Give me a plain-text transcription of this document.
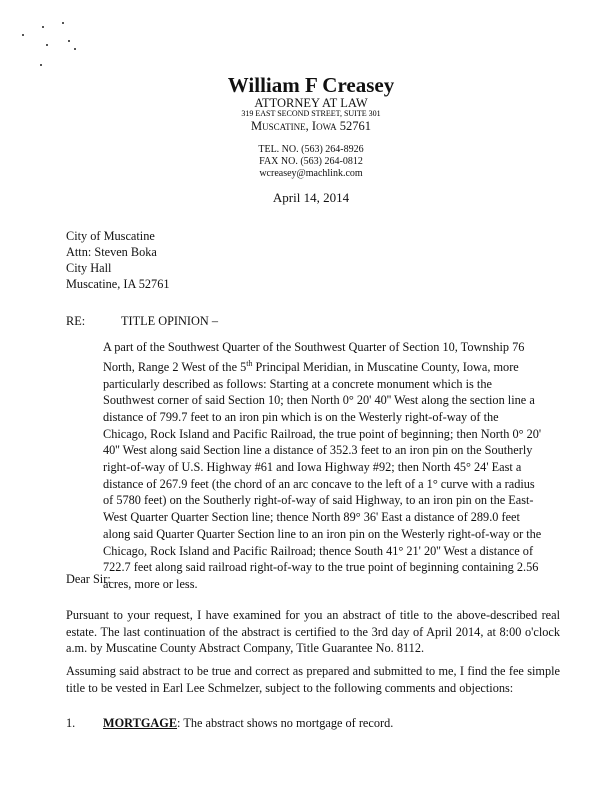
William F Creasey
ATTORNEY AT LAW
319 EAST SECOND STREET, SUITE 301
Muscatine, Iowa 52761
TEL. NO. (563) 264-8926
FAX NO. (563) 264-0812
wcreasey@machlink.com
April 14, 2014
City of Muscatine
Attn: Steven Boka
City Hall
Muscatine, IA 52761
RE:	TITLE OPINION –
A part of the Southwest Quarter of the Southwest Quarter of Section 10, Township 76
North, Range 2 West of the 5th Principal Meridian, in Muscatine County, Iowa, more
particularly described as follows: Starting at a concrete monument which is the
Southwest corner of said Section 10; then North 0° 20' 40'' West along the section line a
distance of 799.7 feet to an iron pin which is on the Westerly right-of-way of the
Chicago, Rock Island and Pacific Railroad, the true point of beginning; then North 0° 20'
40'' West along said Section line a distance of 352.3 feet to an iron pin on the Southerly
right-of-way of U.S. Highway #61 and Iowa Highway #92; then North 45° 24' East a
distance of 267.9 feet (the chord of an arc concave to the left of a 1° curve with a radius
of 5780 feet) on the Southerly right-of-way of said Highway, to an iron pin on the East-
West Quarter Quarter Section line; thence North 89° 36' East a distance of 289.0 feet
along said Quarter Quarter Section line to an iron pin on the Westerly right-of-way or the
Chicago, Rock Island and Pacific Railroad; thence South 41° 21' 20'' West a distance of
722.7 feet along said railroad right-of-way to the true point of beginning containing 2.56
acres, more or less.
Dear Sir:
Pursuant to your request, I have examined for you an abstract of title to the above-described real estate. The last continuation of the abstract is certified to the 3rd day of April 2014, at 8:00 o'clock a.m. by Muscatine County Abstract Company, Title Guarantee No. 8112.
Assuming said abstract to be true and correct as prepared and submitted to me, I find the fee simple title to be vested in Earl Lee Schmelzer, subject to the following comments and objections:
1. MORTGAGE: The abstract shows no mortgage of record.
